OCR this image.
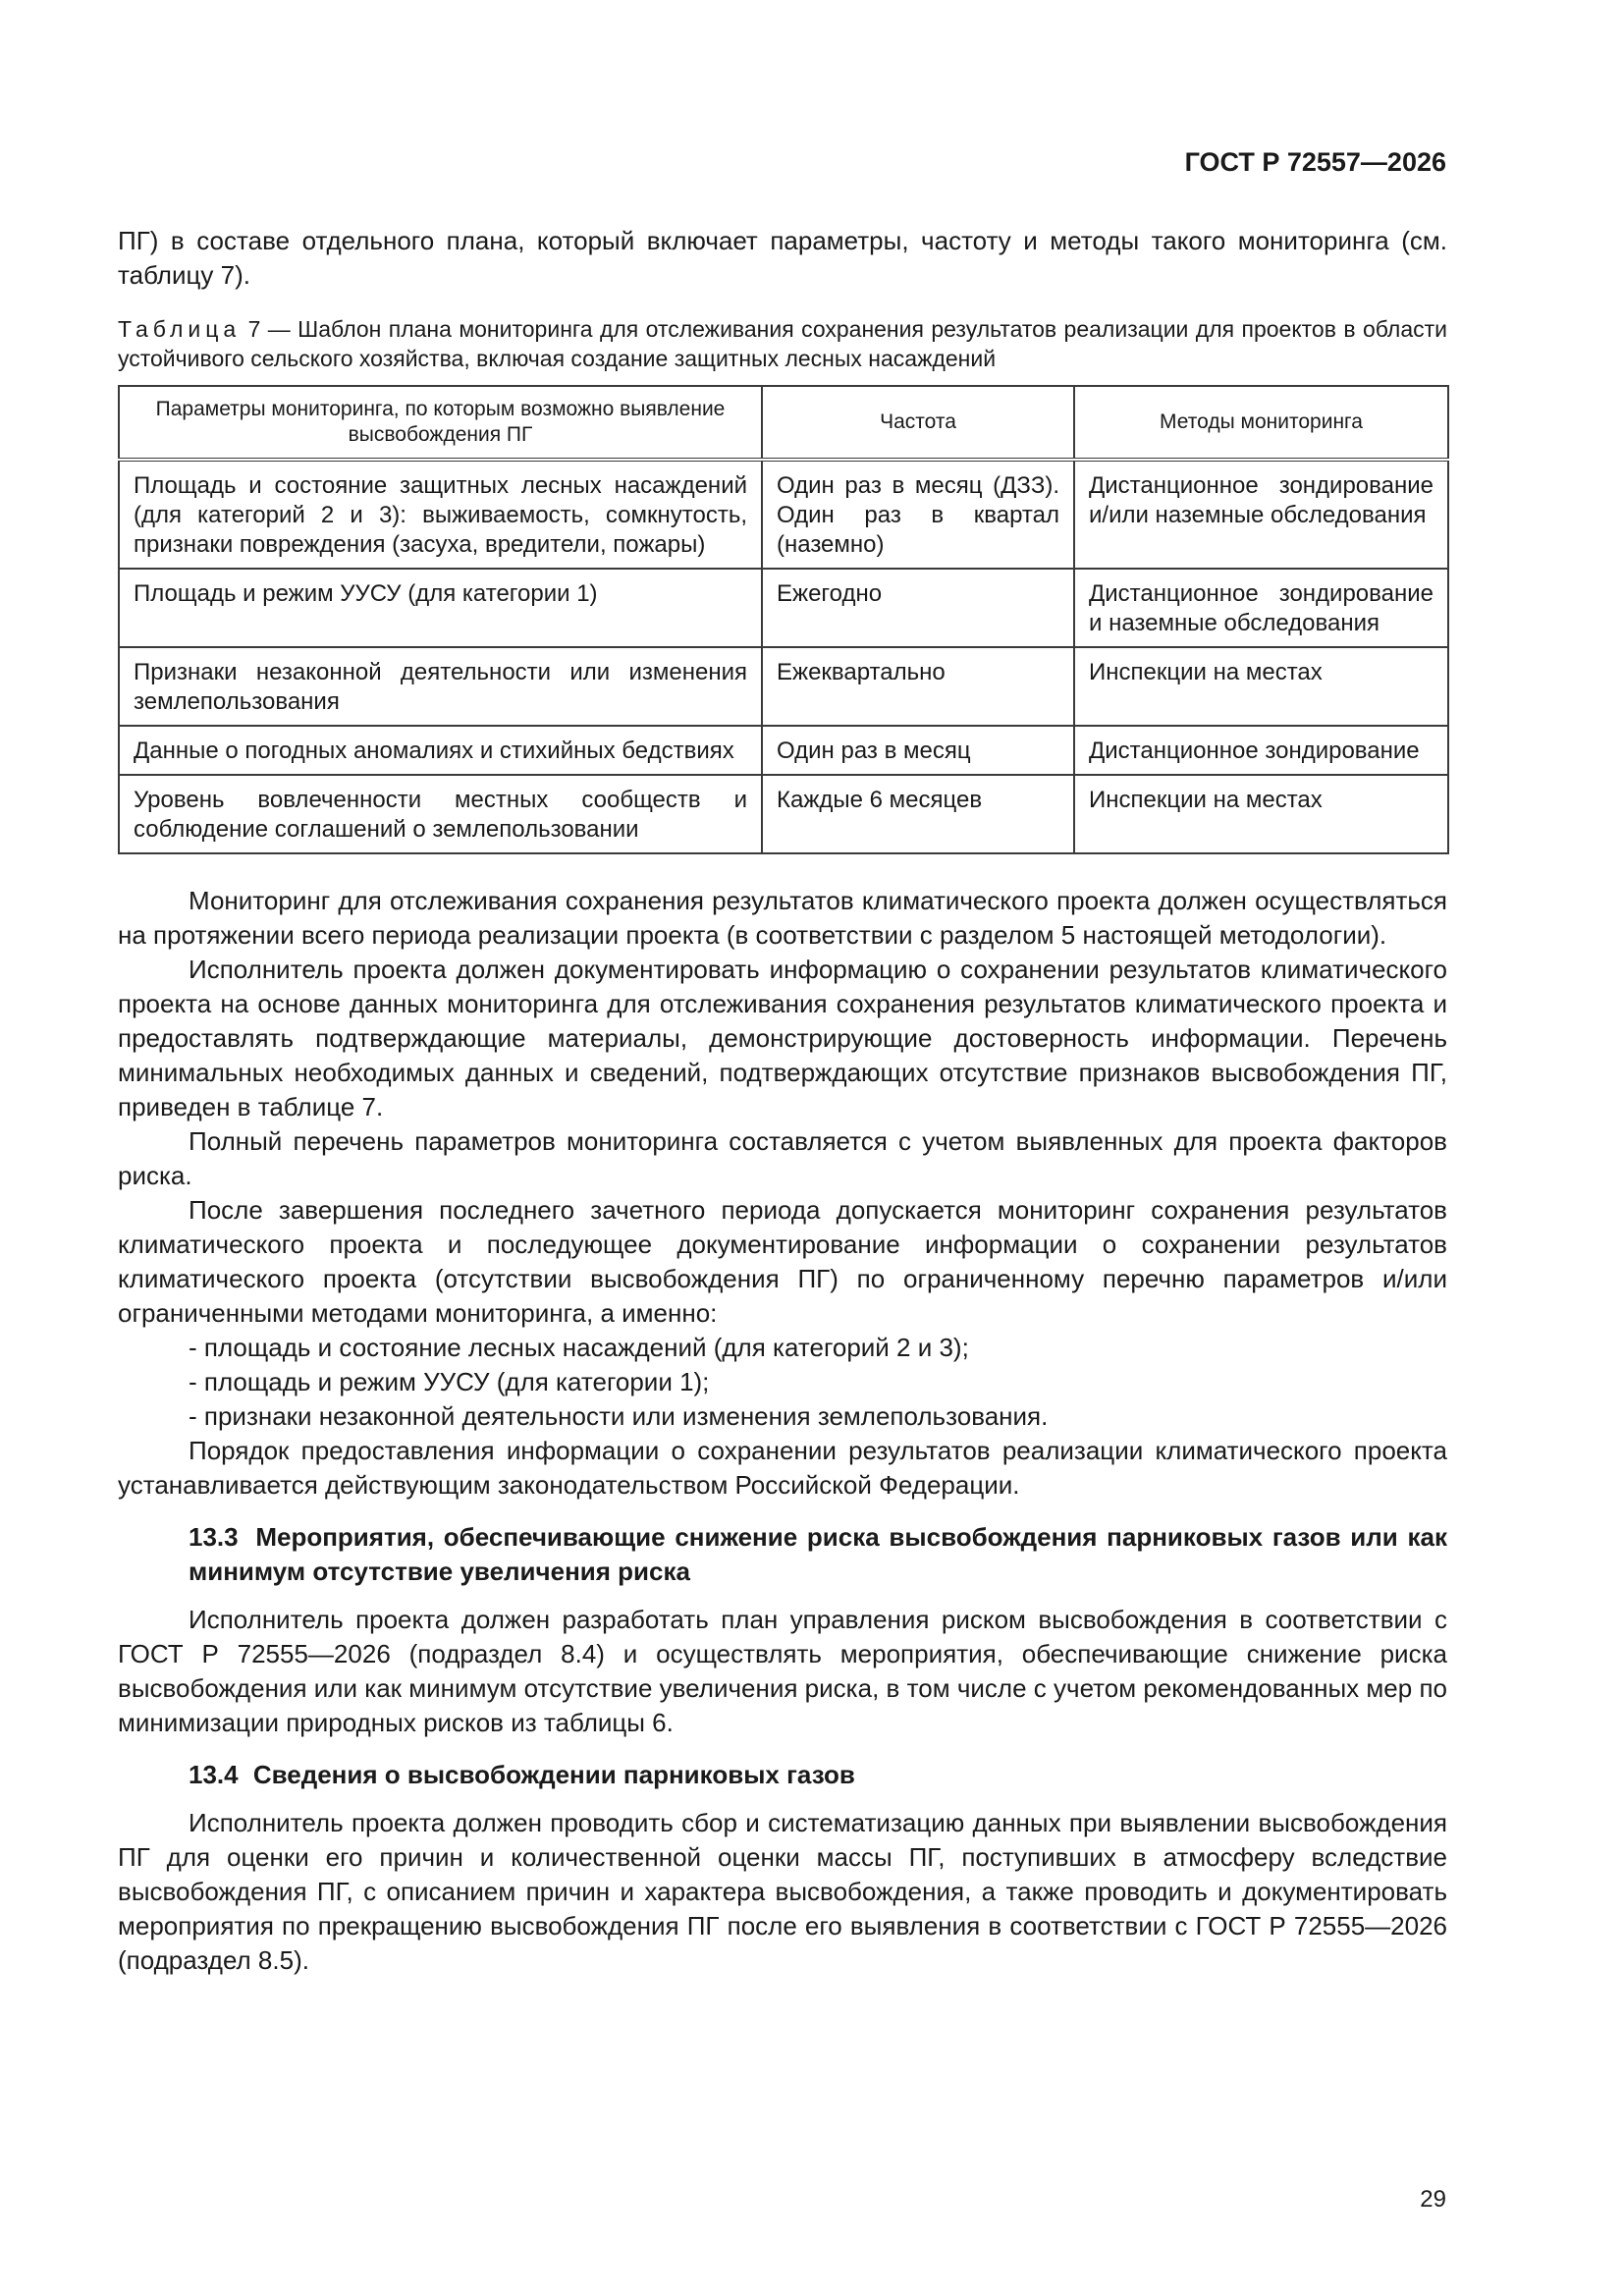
ГОСТ Р 72557—2026

ПГ) в составе отдельного плана, который включает параметры, частоту и методы такого мониторинга (см. таблицу 7).

Таблица 7 — Шаблон плана мониторинга для отслеживания сохранения результатов реализации для проектов в области устойчивого сельского хозяйства, включая создание защитных лесных насаждений

Параметры мониторинга, по которым возможно выявление высвобождения ПГ	Частота	Методы мониторинга
Площадь и состояние защитных лесных насаждений (для категорий 2 и 3): выживаемость, сомкнутость, признаки повреждения (засуха, вредители, пожары)	Один раз в месяц (ДЗЗ). Один раз в квартал (наземно)	Дистанционное зондирование и/или наземные обследования
Площадь и режим УУСУ (для категории 1)	Ежегодно	Дистанционное зондирование и наземные обследования
Признаки незаконной деятельности или изменения землепользования	Ежеквартально	Инспекции на местах
Данные о погодных аномалиях и стихийных бедствиях	Один раз в месяц	Дистанционное зондирование
Уровень вовлеченности местных сообществ и соблюдение соглашений о землепользовании	Каждые 6 месяцев	Инспекции на местах

Мониторинг для отслеживания сохранения результатов климатического проекта должен осуществляться на протяжении всего периода реализации проекта (в соответствии с разделом 5 настоящей методологии).

Исполнитель проекта должен документировать информацию о сохранении результатов климатического проекта на основе данных мониторинга для отслеживания сохранения результатов климатического проекта и предоставлять подтверждающие материалы, демонстрирующие достоверность информации. Перечень минимальных необходимых данных и сведений, подтверждающих отсутствие признаков высвобождения ПГ, приведен в таблице 7.

Полный перечень параметров мониторинга составляется с учетом выявленных для проекта факторов риска.

После завершения последнего зачетного периода допускается мониторинг сохранения результатов климатического проекта и последующее документирование информации о сохранении результатов климатического проекта (отсутствии высвобождения ПГ) по ограниченному перечню параметров и/или ограниченными методами мониторинга, а именно:

- площадь и состояние лесных насаждений (для категорий 2 и 3);

- площадь и режим УУСУ (для категории 1);

- признаки незаконной деятельности или изменения землепользования.

Порядок предоставления информации о сохранении результатов реализации климатического проекта устанавливается действующим законодательством Российской Федерации.

13.3 Мероприятия, обеспечивающие снижение риска высвобождения парниковых газов или как минимум отсутствие увеличения риска

Исполнитель проекта должен разработать план управления риском высвобождения в соответствии с ГОСТ Р 72555—2026 (подраздел 8.4) и осуществлять мероприятия, обеспечивающие снижение риска высвобождения или как минимум отсутствие увеличения риска, в том числе с учетом рекомендованных мер по минимизации природных рисков из таблицы 6.

13.4 Сведения о высвобождении парниковых газов

Исполнитель проекта должен проводить сбор и систематизацию данных при выявлении высвобождения ПГ для оценки его причин и количественной оценки массы ПГ, поступивших в атмосферу вследствие высвобождения ПГ, с описанием причин и характера высвобождения, а также проводить и документировать мероприятия по прекращению высвобождения ПГ после его выявления в соответствии с ГОСТ Р 72555—2026 (подраздел 8.5).

29
